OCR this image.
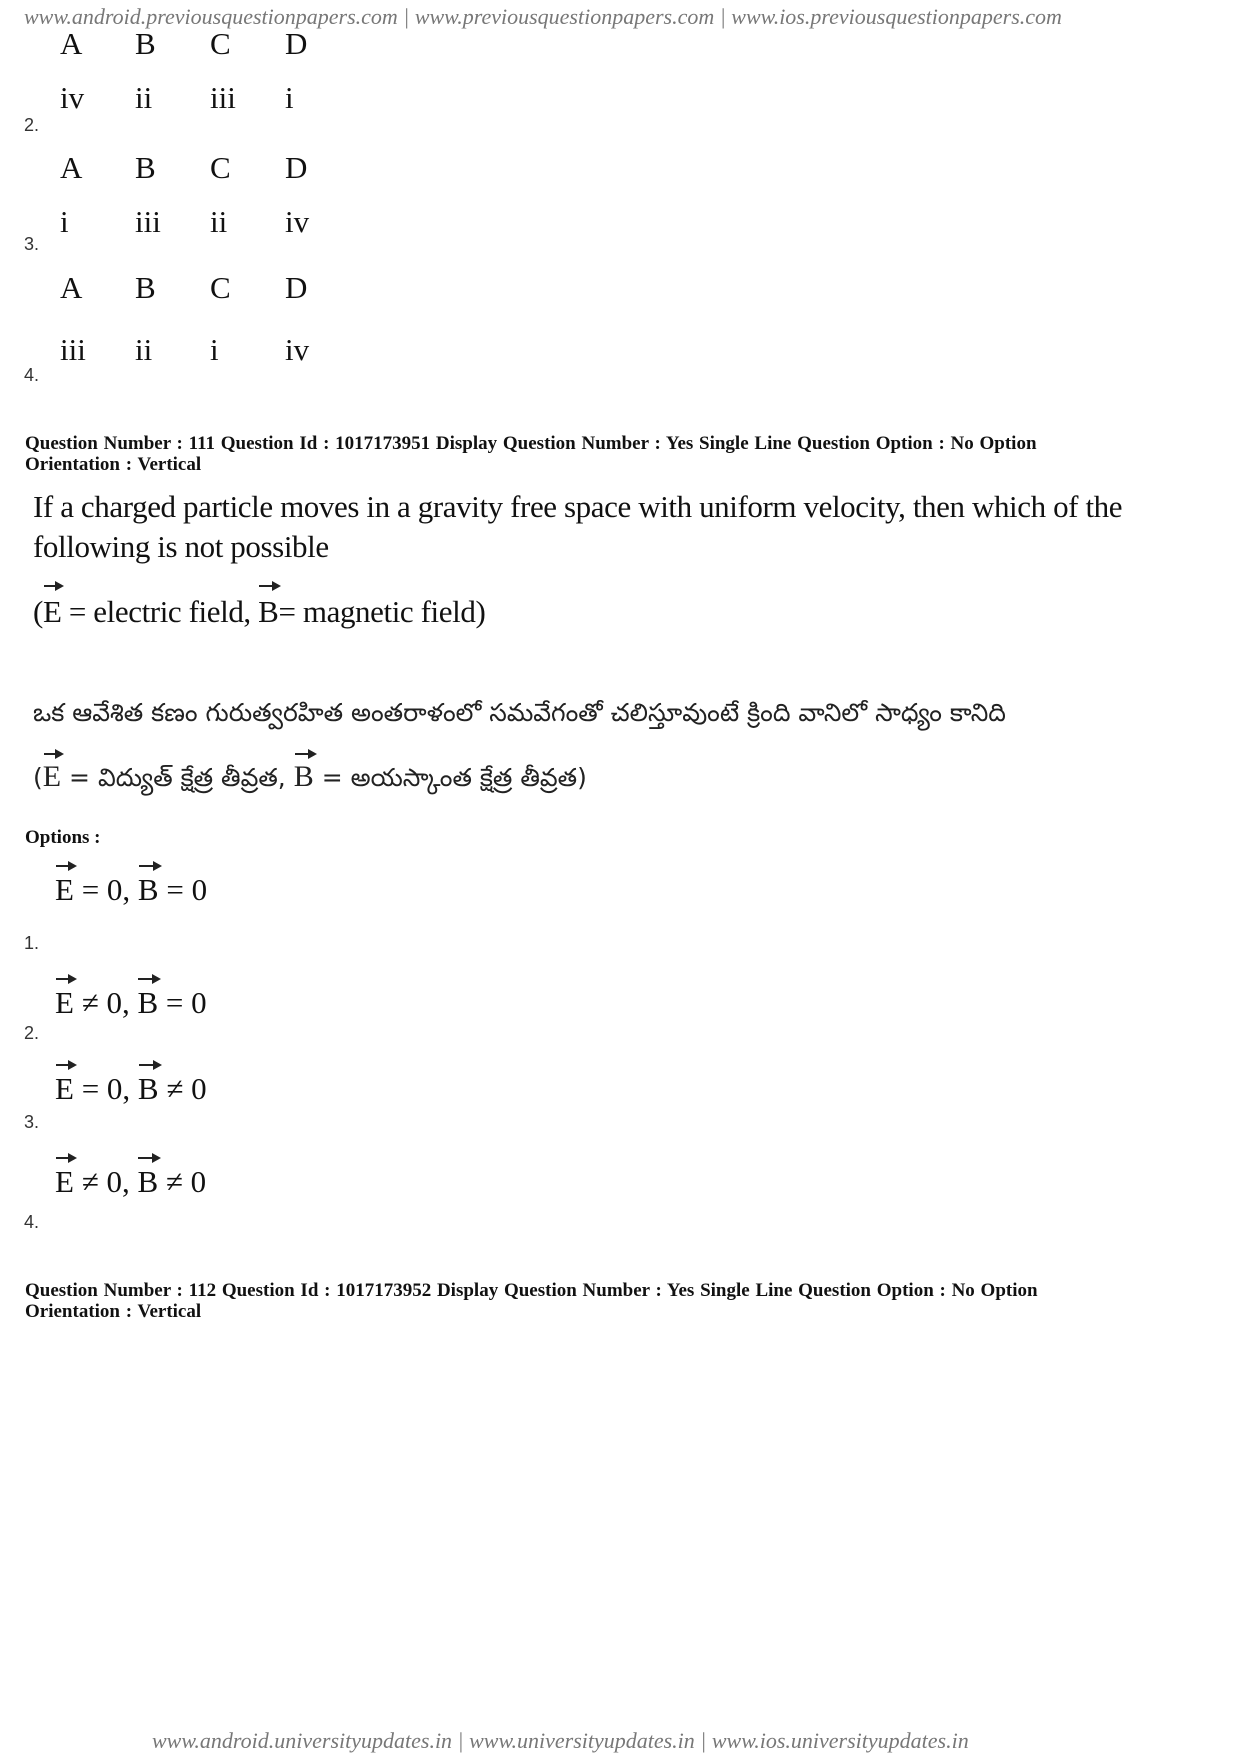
www.android.previousquestionpapers.com | www.previousquestionpapers.com | www.ios.previousquestionpapers.com
A	B	C	D
iv	ii	iii	i
2.
A	B	C	D
i	iii	ii	iv
3.
A	B	C	D
iii	ii	i	iv
4.
Question Number : 111 Question Id : 1017173951 Display Question Number : Yes Single Line Question Option : No Option
Orientation : Vertical
If a charged particle moves in a gravity free space with uniform velocity, then which of the
following is not possible
(E = electric field, B= magnetic field)
ఒక ఆవేశిత కణం గురుత్వరహిత అంతరాళంలో సమవేగంతో చలిస్తూవుంటే క్రింది వానిలో సాధ్యం కానిది
(E = విద్యుత్ క్షేత్ర తీవ్రత, B = అయస్కాంత క్షేత్ర తీవ్రత)
Options :
E = 0, B = 0
1.
E ≠ 0, B = 0
2.
E = 0, B ≠ 0
3.
E ≠ 0, B ≠ 0
4.
Question Number : 112 Question Id : 1017173952 Display Question Number : Yes Single Line Question Option : No Option
Orientation : Vertical
www.android.universityupdates.in | www.universityupdates.in | www.ios.universityupdates.in
